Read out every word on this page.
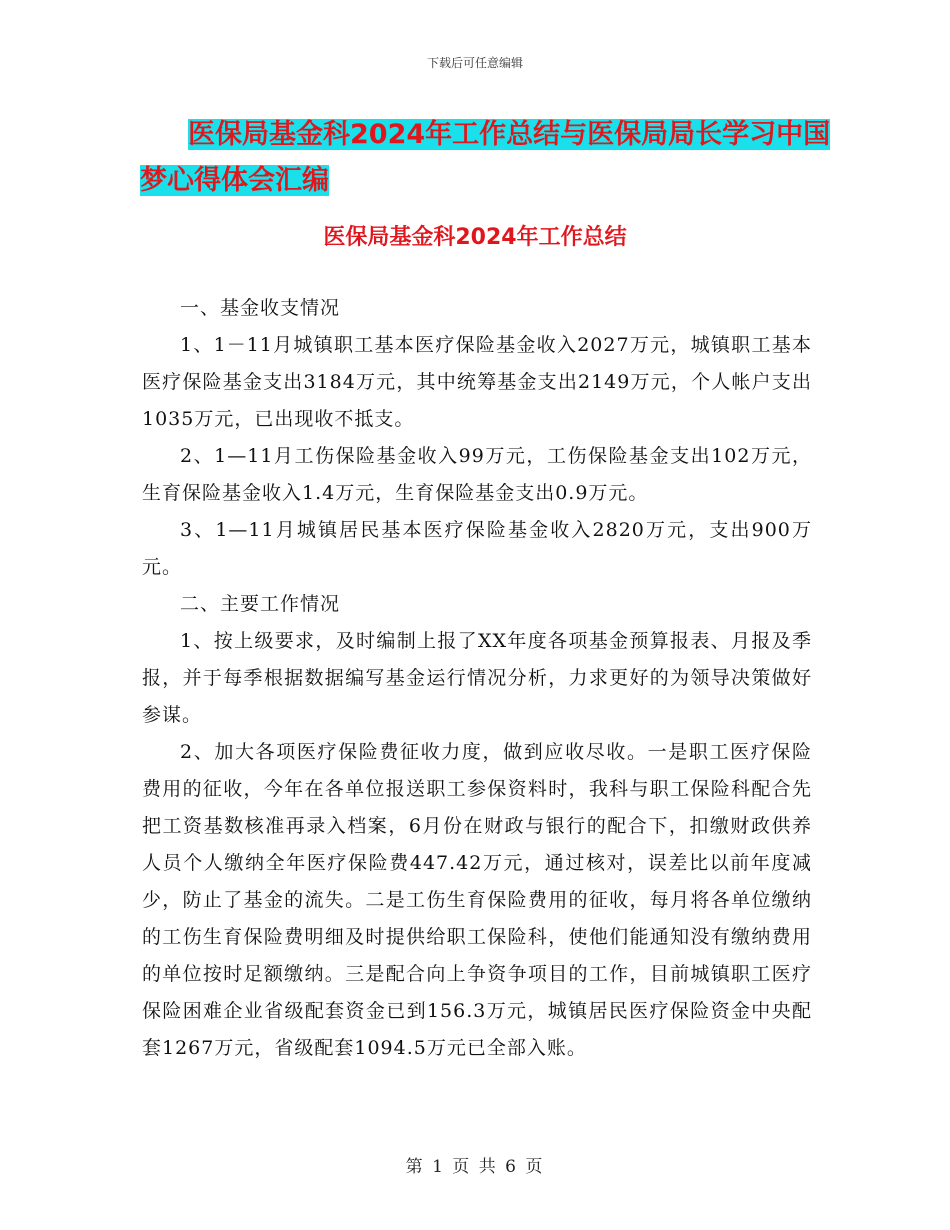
下载后可任意编辑
医保局基金科2024年工作总结与医保局局长学习中国
梦心得体会汇编
医保局基金科2024年工作总结

一、基金收支情况

1、1－11月城镇职工基本医疗保险基金收入2027万元，城镇职工基本医疗保险基金支出3184万元，其中统筹基金支出2149万元，个人帐户支出1035万元，已出现收不抵支。

2、1—11月工伤保险基金收入99万元，工伤保险基金支出102万元，生育保险基金收入1.4万元，生育保险基金支出0.9万元。

3、1—11月城镇居民基本医疗保险基金收入2820万元，支出900万元。

二、主要工作情况

1、按上级要求，及时编制上报了XX年度各项基金预算报表、月报及季报，并于每季根据数据编写基金运行情况分析，力求更好的为领导决策做好参谋。

2、加大各项医疗保险费征收力度，做到应收尽收。一是职工医疗保险费用的征收，今年在各单位报送职工参保资料时，我科与职工保险科配合先把工资基数核准再录入档案，6月份在财政与银行的配合下，扣缴财政供养人员个人缴纳全年医疗保险费447.42万元，通过核对，误差比以前年度减少，防止了基金的流失。二是工伤生育保险费用的征收，每月将各单位缴纳的工伤生育保险费明细及时提供给职工保险科，使他们能通知没有缴纳费用的单位按时足额缴纳。三是配合向上争资争项目的工作，目前城镇职工医疗保险困难企业省级配套资金已到156.3万元，城镇居民医疗保险资金中央配套1267万元，省级配套1094.5万元已全部入账。

第 1 页 共 6 页
